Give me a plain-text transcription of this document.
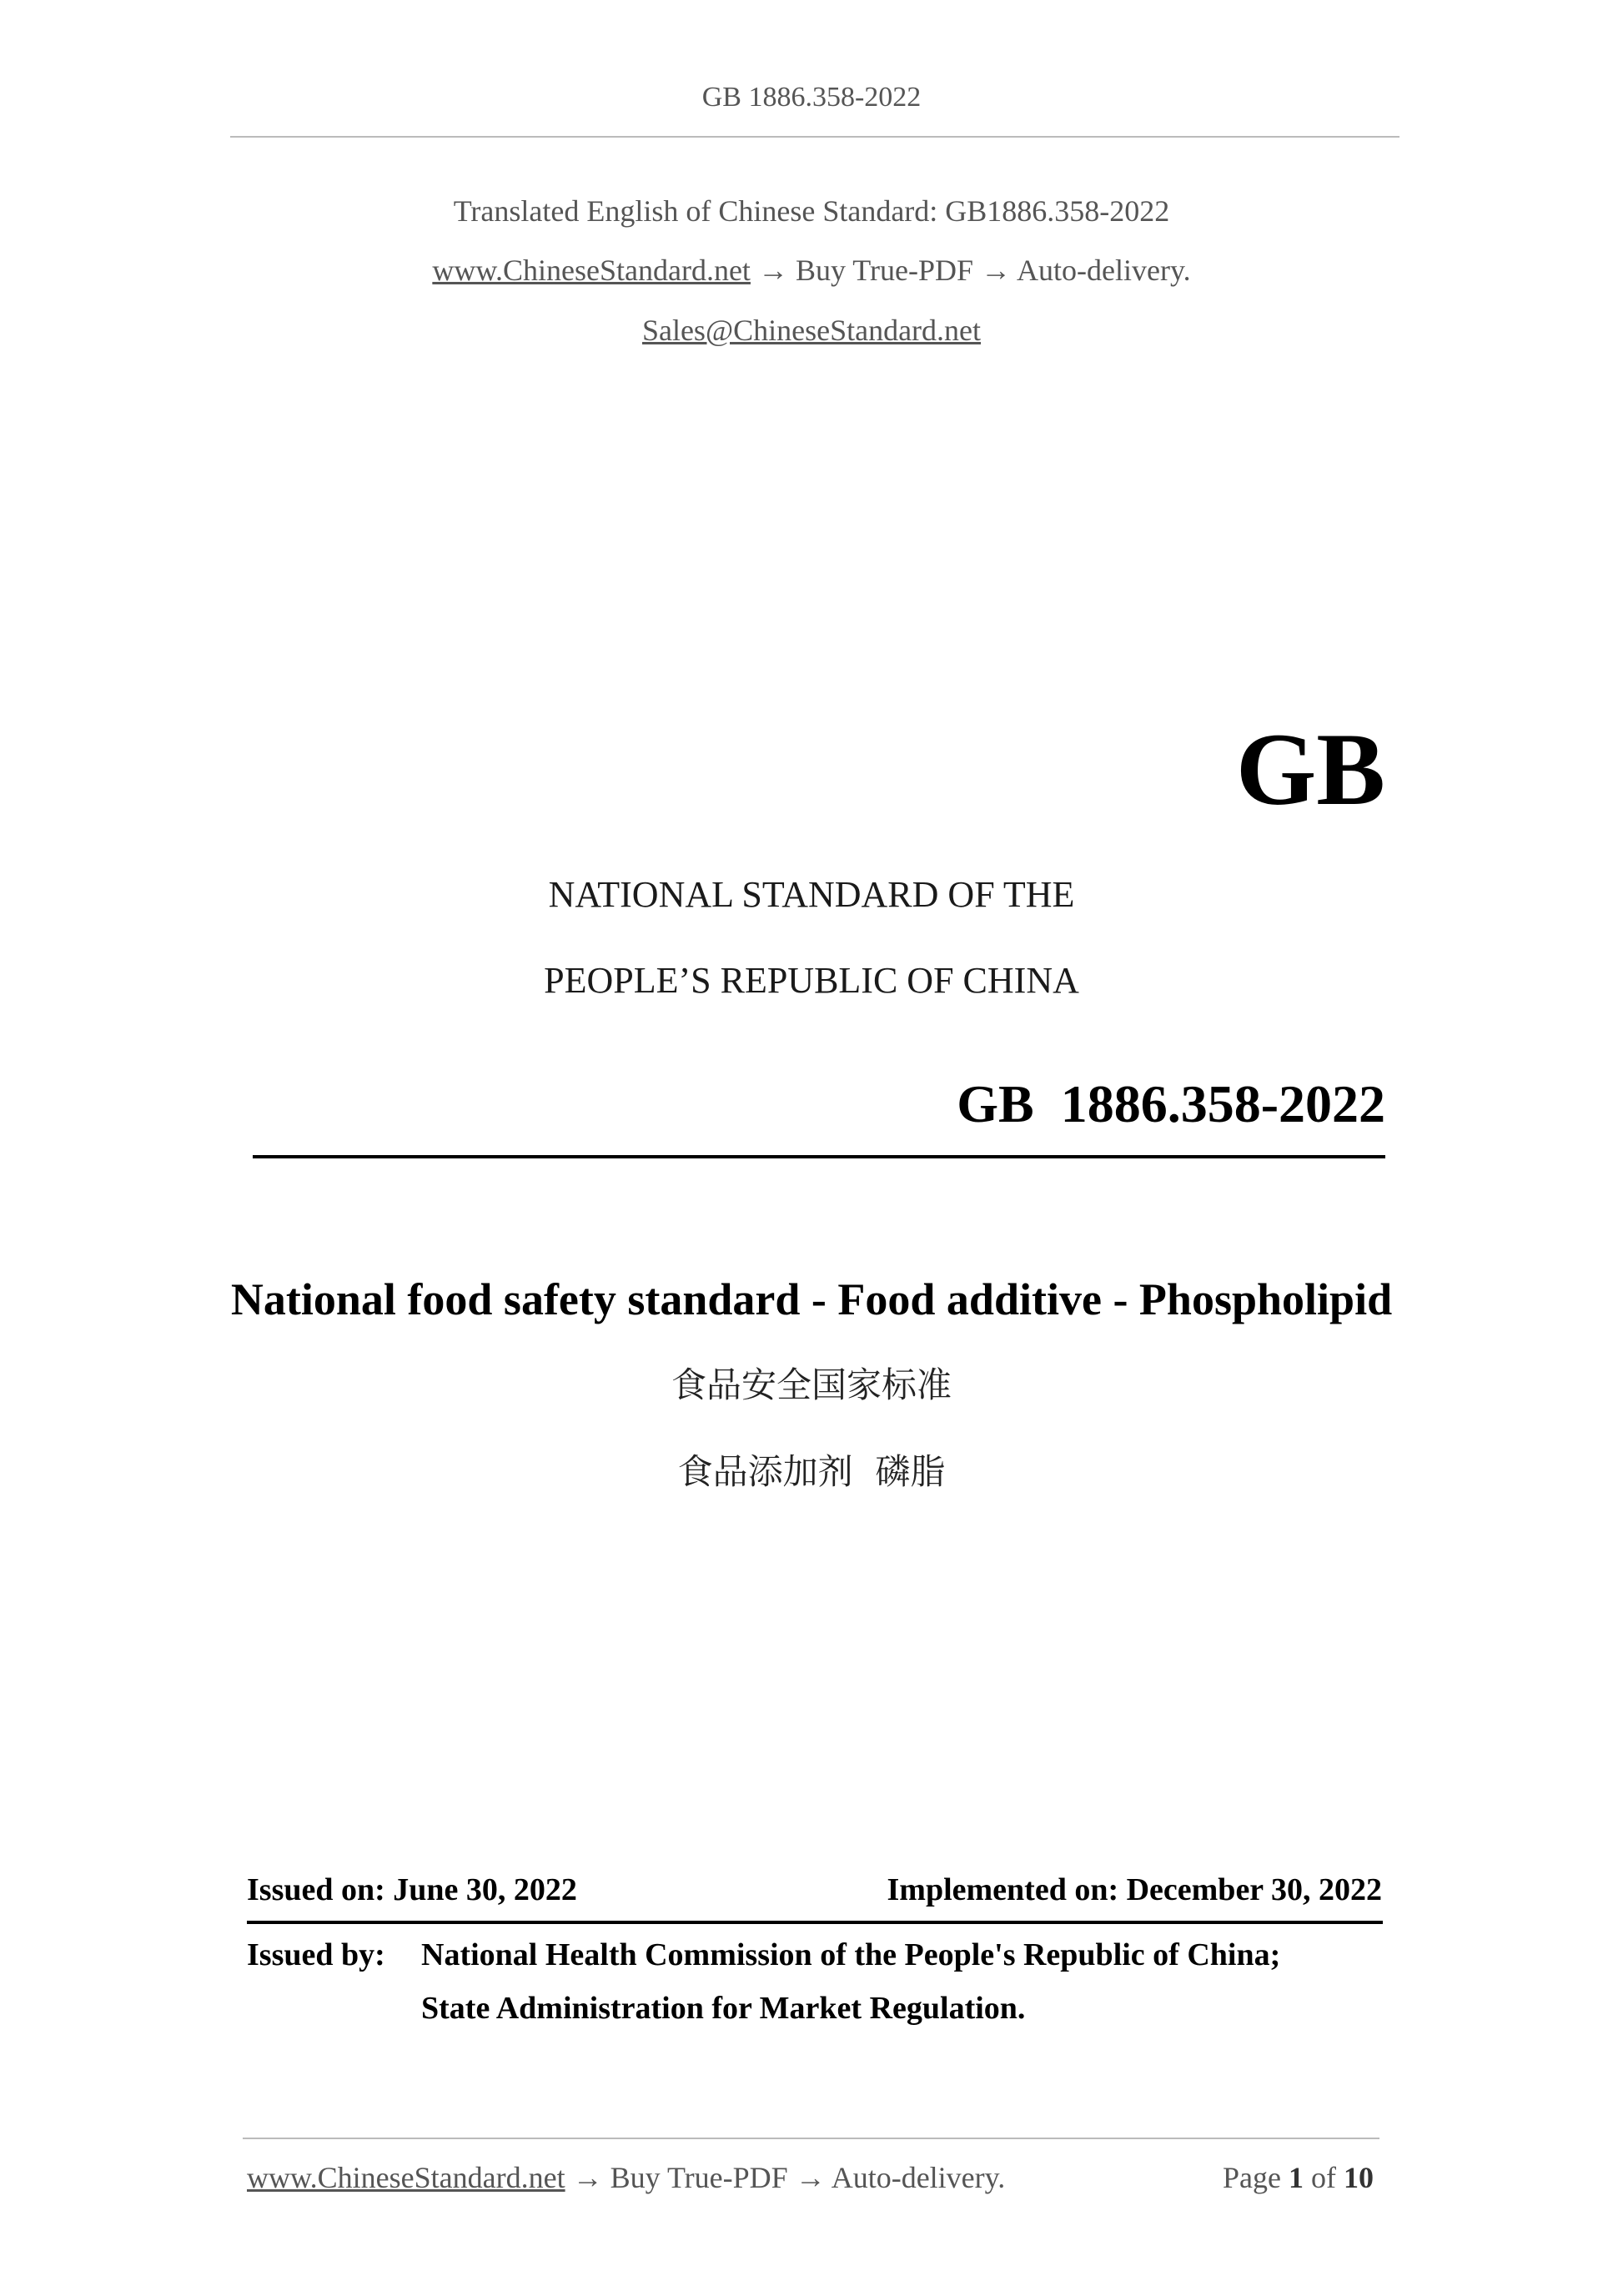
GB 1886.358-2022
Translated English of Chinese Standard: GB1886.358-2022
www.ChineseStandard.net → Buy True-PDF → Auto-delivery.
Sales@ChineseStandard.net
GB
NATIONAL STANDARD OF THE
PEOPLE’S REPUBLIC OF CHINA
GB  1886.358-2022
National food safety standard - Food additive - Phospholipid
食品安全国家标准
食品添加剂  磷脂
Issued on: June 30, 2022	Implemented on: December 30, 2022
Issued by: National Health Commission of the People's Republic of China;
State Administration for Market Regulation.
www.ChineseStandard.net → Buy True-PDF → Auto-delivery.	Page 1 of 10
